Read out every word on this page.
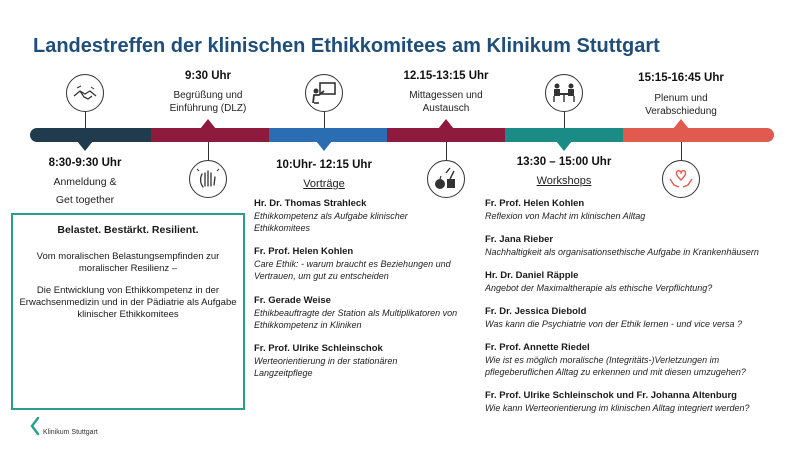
Landestreffen der klinischen Ethikkomitees am Klinikum Stuttgart
8:30-9:30 Uhr
Anmeldung &
Get together
9:30 Uhr
Begrüßung und
Einführung (DLZ)
10:Uhr- 12:15 Uhr
Vorträge
12.15-13:15 Uhr
Mittagessen und
Austausch
13:30 – 15:00 Uhr
Workshops
15:15-16:45 Uhr
Plenum und
Verabschiedung
Belastet. Bestärkt. Resilient.
Vom moralischen Belastungsempfinden zur moralischer Resilienz –
Die Entwicklung von Ethikkompetenz in der Erwachsenmedizin und in der Pädiatrie als Aufgabe klinischer Ethikkomitees
Hr. Dr. Thomas Strahleck
Ethikkompetenz als Aufgabe klinischer Ethikkomitees
Fr. Prof. Helen Kohlen
Care Ethik: - warum braucht es Beziehungen und Vertrauen, um gut zu entscheiden
Fr. Gerade Weise
Ethikbeauftragte der Station als Multiplikatoren von Ethikkompetenz in Kliniken
Fr. Prof. Ulrike Schleinschok
Werteorientierung in der stationären Langzeitpflege
Fr. Prof. Helen Kohlen
Reflexion von Macht im klinischen Alltag
Fr. Jana Rieber
Nachhaltigkeit als organisationsethische Aufgabe in Krankenhäusern
Hr. Dr. Daniel Räpple
Angebot der Maximaltherapie als ethische Verpflichtung?
Fr. Dr. Jessica Diebold
Was kann die Psychiatrie von der Ethik lernen - und vice versa ?
Fr. Prof. Annette Riedel
Wie ist es möglich moralische (Integritäts-)Verletzungen im pflegeberuflichen Alltag zu erkennen und mit diesen umzugehen?
Fr. Prof. Ulrike Schleinschok und Fr. Johanna Altenburg
Wie kann Werteorientierung im klinischen Alltag integriert werden?
Klinikum Stuttgart
